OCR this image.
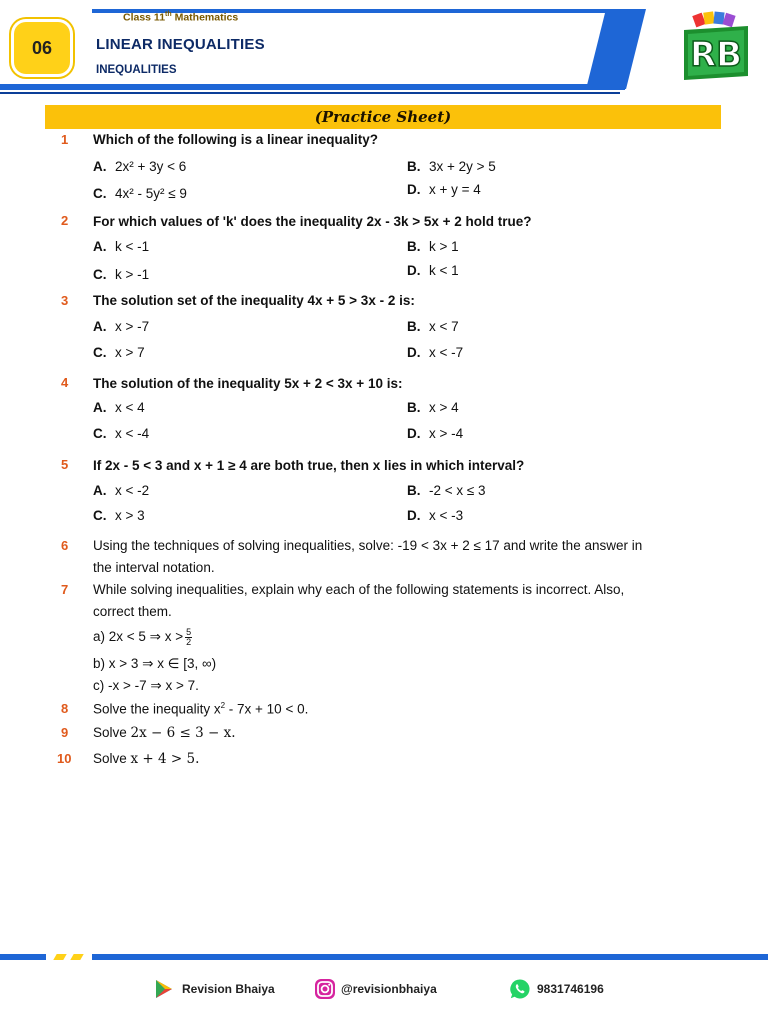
Class 11th Mathematics
06	LINEAR INEQUALITIES
INEQUALITIES	RB
(Practice Sheet)
1 Which of the following is a linear inequality?
A. 2x² + 3y < 6	B. 3x + 2y > 5
C. 4x² - 5y² ≤ 9	D. x + y = 4
2 For which values of 'k' does the inequality 2x - 3k > 5x + 2 hold true?
A. k < -1	B. k > 1
C. k > -1	D. k < 1
3 The solution set of the inequality 4x + 5 > 3x - 2 is:
A. x > -7	B. x < 7
C. x > 7	D. x < -7
4 The solution of the inequality 5x + 2 < 3x + 10 is:
A. x < 4	B. x > 4
C. x < -4	D. x > -4
5 If 2x - 5 < 3 and x + 1 ≥ 4 are both true, then x lies in which interval?
A. x < -2	B. -2 < x ≤ 3
C. x > 3	D. x < -3
6 Using the techniques of solving inequalities, solve: -19 < 3x + 2 ≤ 17 and write the answer in
the interval notation.
7 While solving inequalities, explain why each of the following statements is incorrect. Also,
correct them.
a) 2x < 5 ⇒ $x > \frac{5}{2}$
b) x > 3 ⇒ x ∈ [3, ∞)
c) -x > -7 ⇒ x > 7.
8 Solve the inequality $x^2 - 7x + 10 < 0$.
9 Solve 2x − 6 ≤ 3 − x.
10 Solve x + 4 > 5.
Revision Bhaiya	@revisionbhaiya	9831746196
